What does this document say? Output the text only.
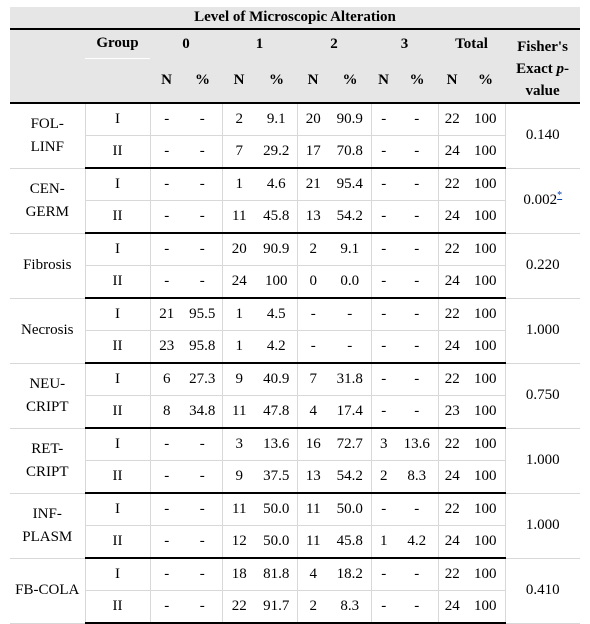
Level of Microscopic Alteration												
	Group	0		1		2		3		Total		Fisher's
Exact p-
value
		N	%	N	%	N	%	N	%	N	%	
FOL-
LINF	I	-	-	2	9.1	20	90.9	-	-	22	100	0.140
	II	-	-	7	29.2	17	70.8	-	-	24	100	
CEN-
GERM	I	-	-	1	4.6	21	95.4	-	-	22	100	0.002*
	II	-	-	11	45.8	13	54.2	-	-	24	100	
Fibrosis	I	-	-	20	90.9	2	9.1	-	-	22	100	0.220
	II	-	-	24	100	0	0.0	-	-	24	100	
Necrosis	I	21	95.5	1	4.5	-	-	-	-	22	100	1.000
	II	23	95.8	1	4.2	-	-	-	-	24	100	
NEU-
CRIPT	I	6	27.3	9	40.9	7	31.8	-	-	22	100	0.750
	II	8	34.8	11	47.8	4	17.4	-	-	23	100	
RET-
CRIPT	I	-	-	3	13.6	16	72.7	3	13.6	22	100	1.000
	II	-	-	9	37.5	13	54.2	2	8.3	24	100	
INF-
PLASM	I	-	-	11	50.0	11	50.0	-	-	22	100	1.000
	II	-	-	12	50.0	11	45.8	1	4.2	24	100	
FB-COLA	I	-	-	18	81.8	4	18.2	-	-	22	100	0.410
	II	-	-	22	91.7	2	8.3	-	-	24	100	
